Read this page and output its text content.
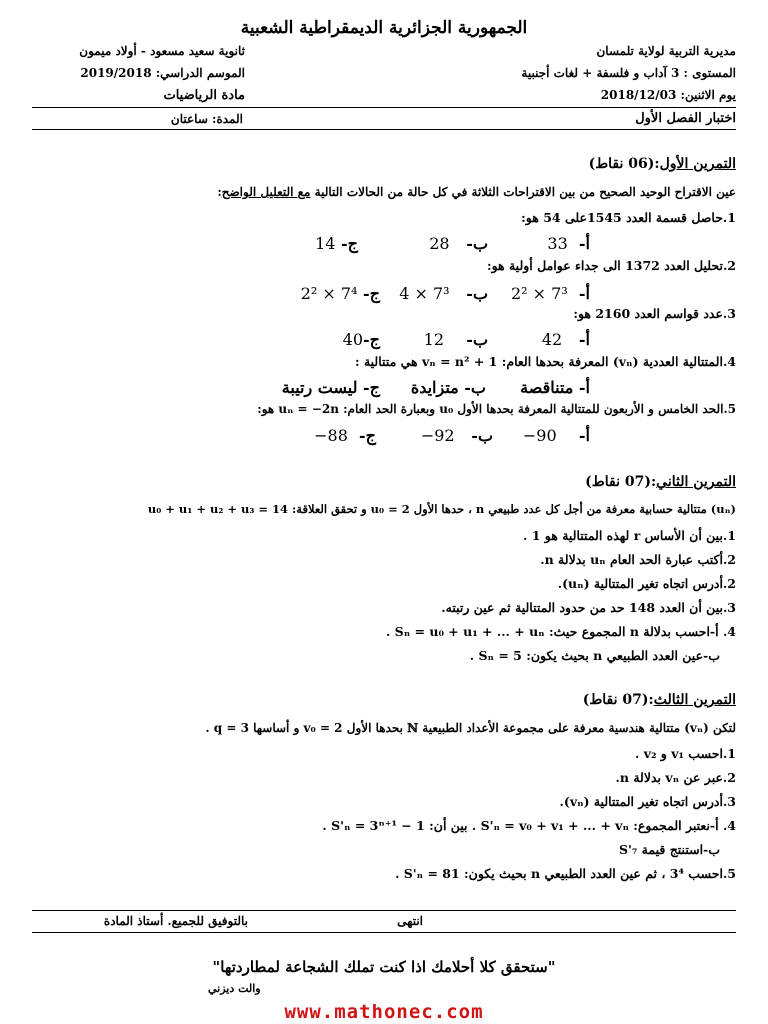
الجمهورية الجزائرية الديمقراطية الشعبية
مديرية التربية لولاية تلمسان
ثانوية سعيد مسعود - أولاد ميمون
المستوى : 3 آداب و فلسفة + لغات أجنبية
الموسم الدراسي: 2019/2018
يوم الاثنين: 2018/12/03
مادة الرياضيات
اختبار الفصل الأول
المدة: ساعتان
التمرين الأول:(06 نقاط)
عين الاقتراح الوحيد الصحيح من بين الاقتراحات الثلاثة في كل حالة من الحالات التالية مع التعليل الواضح:
1.حاصل قسمة العدد 1545على 54 هو:
أ-  33
ب-   28
ج- 14
2.تحليل العدد 1372 الى جداء عوامل أولية هو:
أ-  2² × 7³
ب-   4 × 7³
ج- 2² × 7⁴
3.عدد قواسم العدد 2160 هو:
أ-   42
ب-    12
ج-40
4.المتتالية العددية (vₙ) المعرفة بحدها العام: vₙ = n² + 1 هي متتالية :
أ- متناقصة
ب- متزايدة
ج- ليست رتيبة
5.الحد الخامس و الأربعون للمتتالية المعرفة بحدها الأول u₀ وبعبارة الحد العام: uₙ = −2n هو:
أ-    −90
ب-   −92
ج-  −88
التمرين الثاني:(07 نقاط)
(uₙ) متتالية حسابية معرفة من أجل كل عدد طبيعي n ، حدها الأول u₀ = 2 و تحقق العلاقة: u₀ + u₁ + u₂ + u₃ = 14
1.بين أن الأساس r لهذه المتتالية هو 1 .
2.أكتب عبارة الحد العام uₙ بدلالة n.
2.أدرس اتجاه تغير المتتالية (uₙ).
3.بين أن العدد 148 حد من حدود المتتالية ثم عين رتبته.
4. أ-احسب بدلالة n المجموع حيث: Sₙ = u₀ + u₁ + ... + uₙ .
ب-عين العدد الطبيعي n بحيث يكون: Sₙ = 5 .
التمرين الثالث:(07 نقاط)
لتكن (vₙ) متتالية هندسية معرفة على مجموعة الأعداد الطبيعية ℕ بحدها الأول v₀ = 2 و أساسها q = 3 .
1.احسب v₁ و v₂ .
2.عبر عن vₙ بدلالة n.
3.أدرس اتجاه تغير المتتالية (vₙ).
4. أ-نعتبر المجموع: S'ₙ = v₀ + v₁ + ... + vₙ . بين أن: S'ₙ = 3ⁿ⁺¹ − 1 .
ب-استنتج قيمة S'₇
5.احسب 3⁴ ، ثم عين العدد الطبيعي n بحيث يكون: S'ₙ = 81 .
انتهى
بالتوفيق للجميع. أستاذ المادة
"ستحقق كلا أحلامك اذا كنت تملك الشجاعة لمطاردتها"
والت ديزني
www.mathonec.com
